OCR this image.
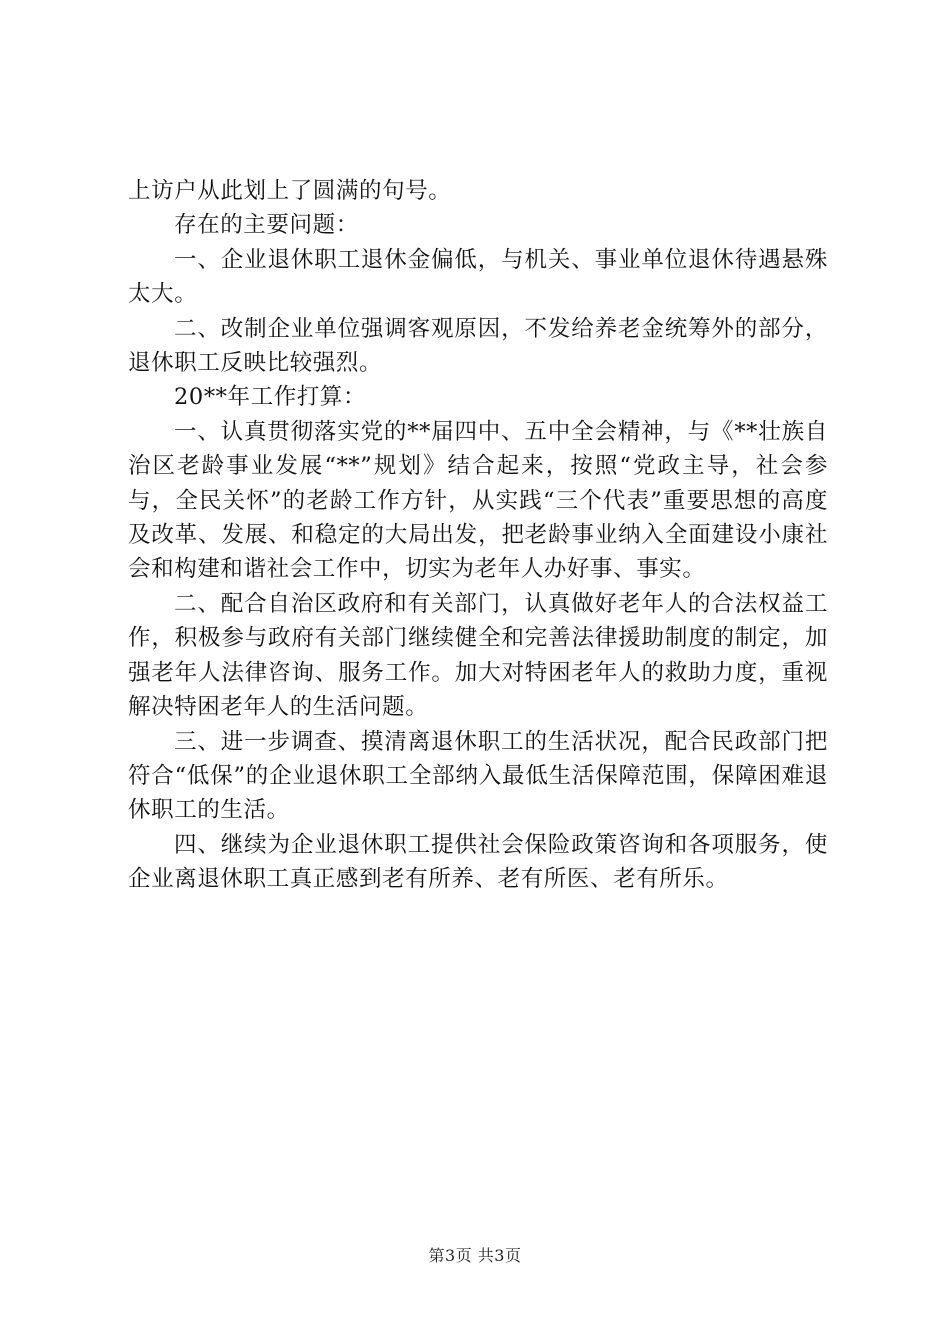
上访户从此划上了圆满的句号。

存在的主要问题：

一、企业退休职工退休金偏低，与机关、事业单位退休待遇悬殊太大。

二、改制企业单位强调客观原因，不发给养老金统筹外的部分，退休职工反映比较强烈。

20**年工作打算：

一、认真贯彻落实党的**届四中、五中全会精神，与《**壮族自治区老龄事业发展“**”规划》结合起来，按照“党政主导，社会参与，全民关怀”的老龄工作方针，从实践“三个代表”重要思想的高度及改革、发展、和稳定的大局出发，把老龄事业纳入全面建设小康社会和构建和谐社会工作中，切实为老年人办好事、事实。

二、配合自治区政府和有关部门，认真做好老年人的合法权益工作，积极参与政府有关部门继续健全和完善法律援助制度的制定，加强老年人法律咨询、服务工作。加大对特困老年人的救助力度，重视解决特困老年人的生活问题。

三、进一步调查、摸清离退休职工的生活状况，配合民政部门把符合“低保”的企业退休职工全部纳入最低生活保障范围，保障困难退休职工的生活。

四、继续为企业退休职工提供社会保险政策咨询和各项服务，使企业离退休职工真正感到老有所养、老有所医、老有所乐。

第3页 共3页
